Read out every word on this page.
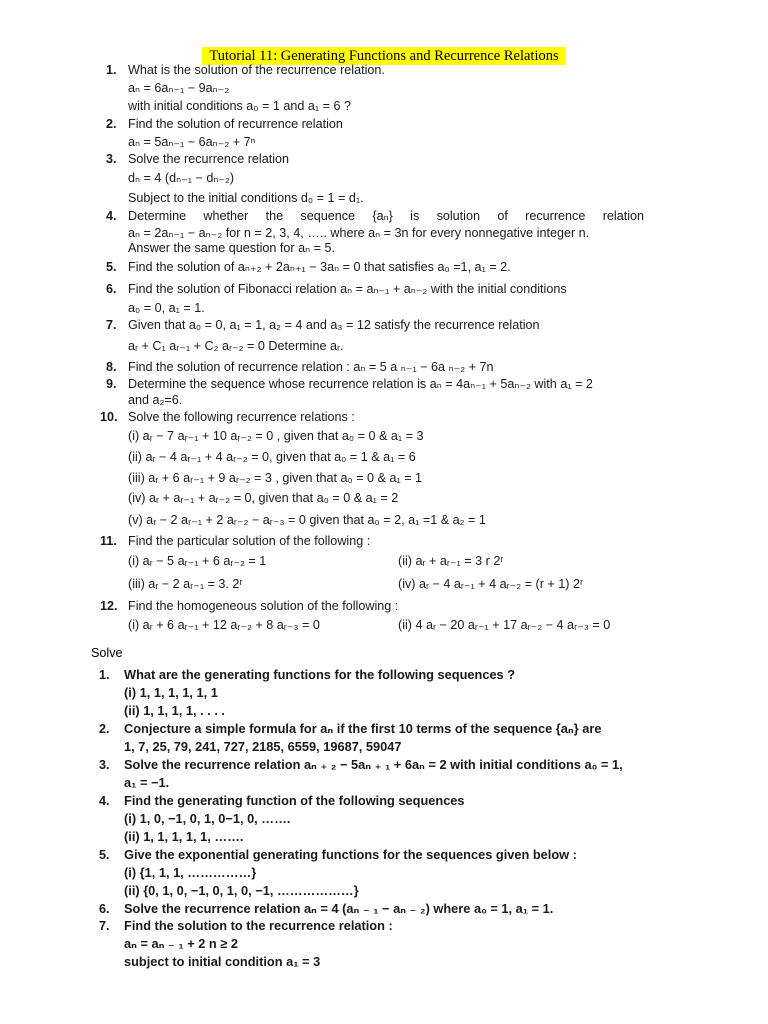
Tutorial 11: Generating Functions and Recurrence Relations
1. What is the solution of the recurrence relation.
aₙ = 6aₙ₋₁ − 9aₙ₋₂
with initial conditions a₀ = 1 and a₁ = 6 ?
2. Find the solution of recurrence relation
aₙ = 5aₙ₋₁ − 6aₙ₋₂ + 7ⁿ
3. Solve the recurrence relation
dₙ = 4 (dₙ₋₁ − dₙ₋₂)
Subject to the initial conditions d₀ = 1 = d₁.
4. Determine whether the sequence {aₙ} is solution of recurrence relation
aₙ = 2aₙ₋₁ − aₙ₋₂ for n = 2, 3, 4, ….. where aₙ = 3n for every nonnegative integer n.
Answer the same question for aₙ = 5.
5. Find the solution of aₙ₊₂ + 2aₙ₊₁ − 3aₙ = 0 that satisfies a₀ =1, a₁ = 2.
6. Find the solution of Fibonacci relation aₙ = aₙ₋₁ + aₙ₋₂ with the initial conditions
a₀ = 0, a₁ = 1.
7. Given that a₀ = 0, a₁ = 1, a₂ = 4 and a₃ = 12 satisfy the recurrence relation
aᵣ + C₁ aᵣ₋₁ + C₂ aᵣ₋₂ = 0 Determine aᵣ.
8. Find the solution of recurrence relation : aₙ = 5 a ₙ₋₁ − 6a ₙ₋₂ + 7n
9. Determine the sequence whose recurrence relation is aₙ = 4aₙ₋₁ + 5aₙ₋₂ with a₁ = 2
and a₂=6.
10. Solve the following recurrence relations :
(i) aᵣ − 7 aᵣ₋₁ + 10 aᵣ₋₂ = 0 , given that a₀ = 0 & a₁ = 3
(ii) aᵣ − 4 aᵣ₋₁ + 4 aᵣ₋₂ = 0, given that a₀ = 1 & a₁ = 6
(iii) aᵣ + 6 aᵣ₋₁ + 9 aᵣ₋₂ = 3 , given that a₀ = 0 & a₁ = 1
(iv) aᵣ + aᵣ₋₁ + aᵣ₋₂ = 0, given that a₀ = 0 & a₁ = 2
(v) aᵣ − 2 aᵣ₋₁ + 2 aᵣ₋₂ − aᵣ₋₃ = 0 given that a₀ = 2, a₁ =1 & a₂ = 1
11. Find the particular solution of the following :
(i) aᵣ − 5 aᵣ₋₁ + 6 aᵣ₋₂ = 1	(ii) aᵣ + aᵣ₋₁ = 3 r 2ʳ
(iii) aᵣ − 2 aᵣ₋₁ = 3. 2ʳ	(iv) aᵣ − 4 aᵣ₋₁ + 4 aᵣ₋₂ = (r + 1) 2ʳ
12. Find the homogeneous solution of the following :
(i) aᵣ + 6 aᵣ₋₁ + 12 aᵣ₋₂ + 8 aᵣ₋₃ = 0	(ii) 4 aᵣ − 20 aᵣ₋₁ + 17 aᵣ₋₂ − 4 aᵣ₋₃ = 0
Solve
1. What are the generating functions for the following sequences ?
(i) 1, 1, 1, 1, 1, 1
(ii) 1, 1, 1, 1, . . . .
2. Conjecture a simple formula for aₙ if the first 10 terms of the sequence {aₙ} are
1, 7, 25, 79, 241, 727, 2185, 6559, 19687, 59047
3. Solve the recurrence relation aₙ ₊ ₂ − 5aₙ ₊ ₁ + 6aₙ = 2 with initial conditions a₀ = 1,
a₁ = −1.
4. Find the generating function of the following sequences
(i) 1, 0, −1, 0, 1, 0−1, 0, …….
(ii) 1, 1, 1, 1, 1, …….
5. Give the exponential generating functions for the sequences given below :
(i) {1, 1, 1, ……………}
(ii) {0, 1, 0, −1, 0, 1, 0, −1, ………………}
6. Solve the recurrence relation aₙ = 4 (aₙ ₋ ₁ − aₙ ₋ ₂) where a₀ = 1, a₁ = 1.
7. Find the solution to the recurrence relation :
aₙ = aₙ ₋ ₁ + 2 n ≥ 2
subject to initial condition a₁ = 3
